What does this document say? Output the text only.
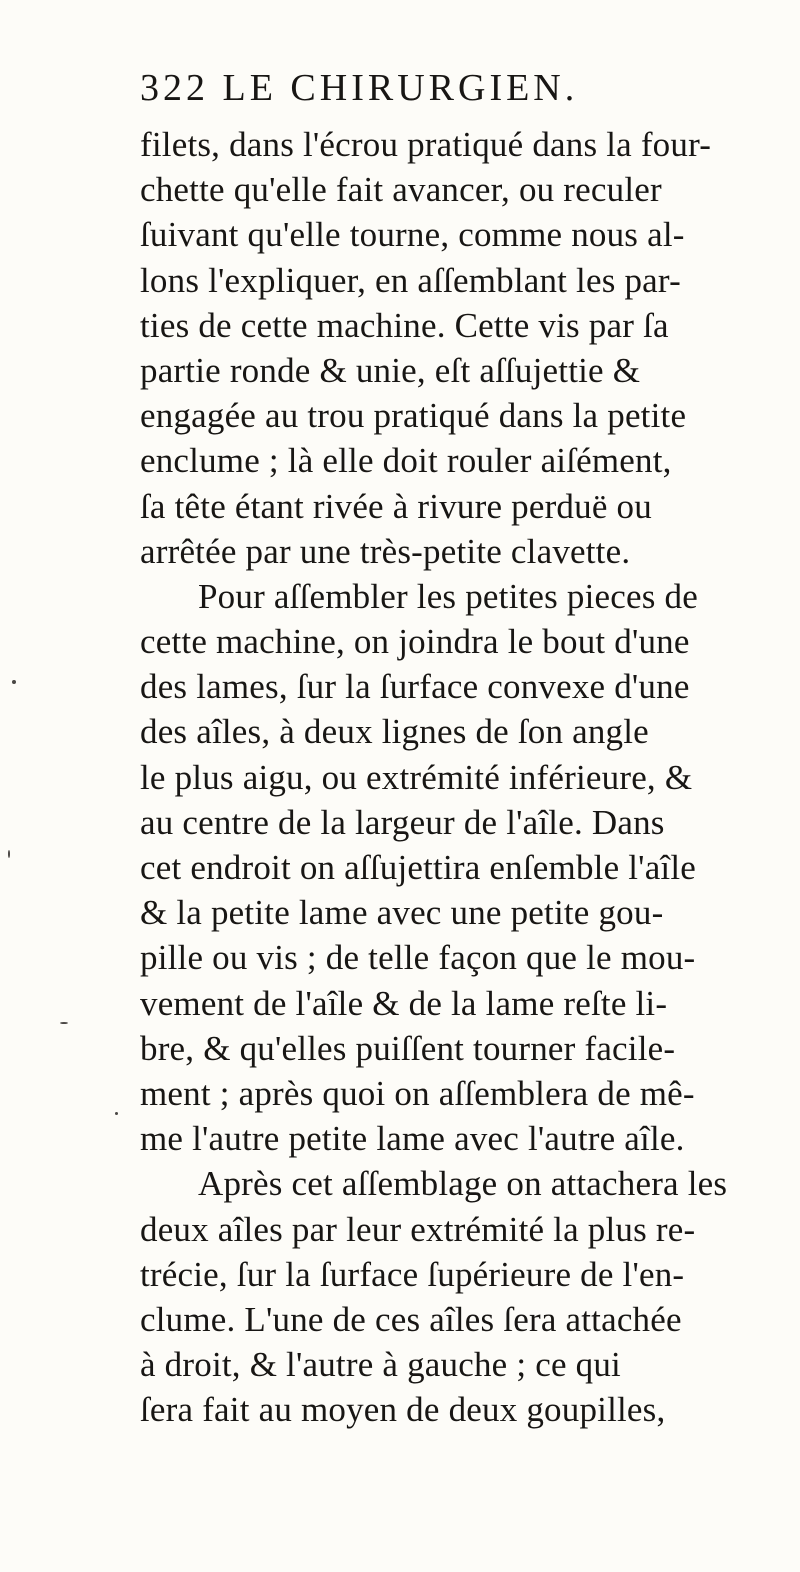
322 LE CHIRURGIEN.
filets, dans l'écrou pratiqué dans la four-
chette qu'elle fait avancer, ou reculer
ſuivant qu'elle tourne, comme nous al-
lons l'expliquer, en aſſemblant les par-
ties de cette machine. Cette vis par ſa
partie ronde & unie, eſt aſſujettie &
engagée au trou pratiqué dans la petite
enclume ; là elle doit rouler aiſément,
ſa tête étant rivée à rivure perduë ou
arrêtée par une très-petite clavette.
Pour aſſembler les petites pieces de
cette machine, on joindra le bout d'une
des lames, ſur la ſurface convexe d'une
des aîles, à deux lignes de ſon angle
le plus aigu, ou extrémité inférieure, &
au centre de la largeur de l'aîle. Dans
cet endroit on aſſujettira enſemble l'aîle
& la petite lame avec une petite gou-
pille ou vis ; de telle façon que le mou-
vement de l'aîle & de la lame reſte li-
bre, & qu'elles puiſſent tourner facile-
ment ; après quoi on aſſemblera de mê-
me l'autre petite lame avec l'autre aîle.
Après cet aſſemblage on attachera les
deux aîles par leur extrémité la plus re-
trécie, ſur la ſurface ſupérieure de l'en-
clume. L'une de ces aîles ſera attachée
à droit, & l'autre à gauche ; ce qui
ſera fait au moyen de deux goupilles,
